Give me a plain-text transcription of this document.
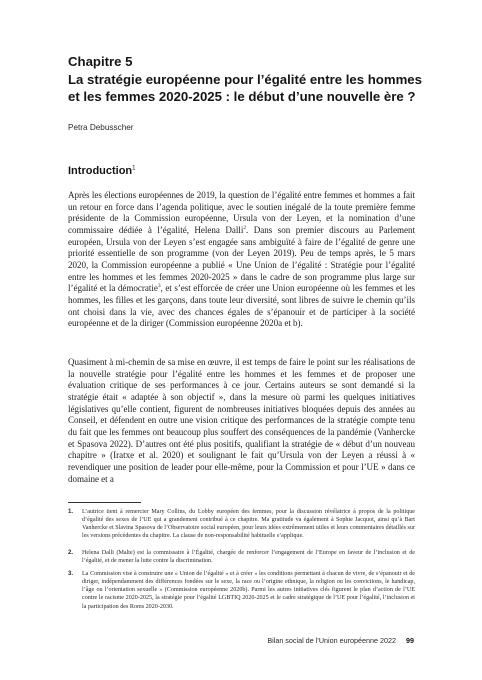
Chapitre 5
La stratégie européenne pour l’égalité entre les hommes
et les femmes 2020-2025 : le début d’une nouvelle ère ?
Petra Debusscher
Introduction$^1$

Après les élections européennes de 2019, la question de l’égalité entre femmes et hommes a fait un retour en force dans l’agenda politique, avec le soutien inégalé de la toute première femme présidente de la Commission européenne, Ursula von der Leyen, et la nomination d’une commissaire dédiée à l’égalité, Helena Dalli$^2$. Dans son premier discours au Parlement européen, Ursula von der Leyen s’est engagée sans ambiguïté à faire de l’égalité de genre une priorité essentielle de son programme (von der Leyen 2019). Peu de temps après, le 5 mars 2020, la Commission européenne a publié « Une Union de l’égalité : Stratégie pour l’égalité entre les hommes et les femmes 2020-2025 » dans le cadre de son programme plus large sur l’égalité et la démocratie$^3$, et s’est efforcée de créer une Union européenne où les femmes et les hommes, les filles et les garçons, dans toute leur diversité, sont libres de suivre le chemin qu’ils ont choisi dans la vie, avec des chances égales de s’épanouir et de participer à la société européenne et de la diriger (Commission européenne 2020a et b).

Quasiment à mi-chemin de sa mise en œuvre, il est temps de faire le point sur les réalisations de la nouvelle stratégie pour l’égalité entre les hommes et les femmes et de proposer une évaluation critique de ses performances à ce jour. Certains auteurs se sont demandé si la stratégie était « adaptée à son objectif », dans la mesure où parmi les quelques initiatives législatives qu’elle contient, figurent de nombreuses initiatives bloquées depuis des années au Conseil, et défendent en outre une vision critique des performances de la stratégie compte tenu du fait que les femmes ont beaucoup plus souffert des conséquences de la pandémie (Vanhercke et Spasova 2022). D’autres ont été plus positifs, qualifiant la stratégie de « début d’un nouveau chapitre » (Iratxe et al. 2020) et soulignant le fait qu’Ursula von der Leyen a réussi à « revendiquer une position de leader pour elle-même, pour la Commission et pour l’UE » dans ce domaine et a

1.	L’autrice tient à remercier Mary Collins, du Lobby européen des femmes, pour la discussion révélatrice à propos de la politique d’égalité des sexes de l’UE qui a grandement contribué à ce chapitre. Ma gratitude va également à Sophie Jacquot, ainsi qu’à Bart Vanhercke et Slavina Spasova de l’Observatoire social européen, pour leurs idées extrêmement utiles et leurs commentaires détaillés sur les versions précédentes du chapitre. La clause de non-responsabilité habituelle s’applique.
2.	Helena Dalli (Malte) est la commissaire à l’Égalité, chargée de renforcer l’engagement de l’Europe en faveur de l’inclusion et de l’égalité, et de mener la lutte contre la discrimination.
3.	La Commission vise à construire une « Union de l’égalité » et à créer « les conditions permettant à chacun de vivre, de s’épanouir et de diriger, indépendamment des différences fondées sur le sexe, la race ou l’origine ethnique, la religion ou les convictions, le handicap, l’âge ou l’orientation sexuelle » (Commission européenne 2020b). Parmi les autres initiatives clés figurent le plan d’action de l’UE contre le racisme 2020-2025, la stratégie pour l’égalité LGBTIQ 2020-2025 et le cadre stratégique de l’UE pour l’égalité, l’inclusion et la participation des Roms 2020-2030.
Bilan social de l’Union européenne 2022 99
